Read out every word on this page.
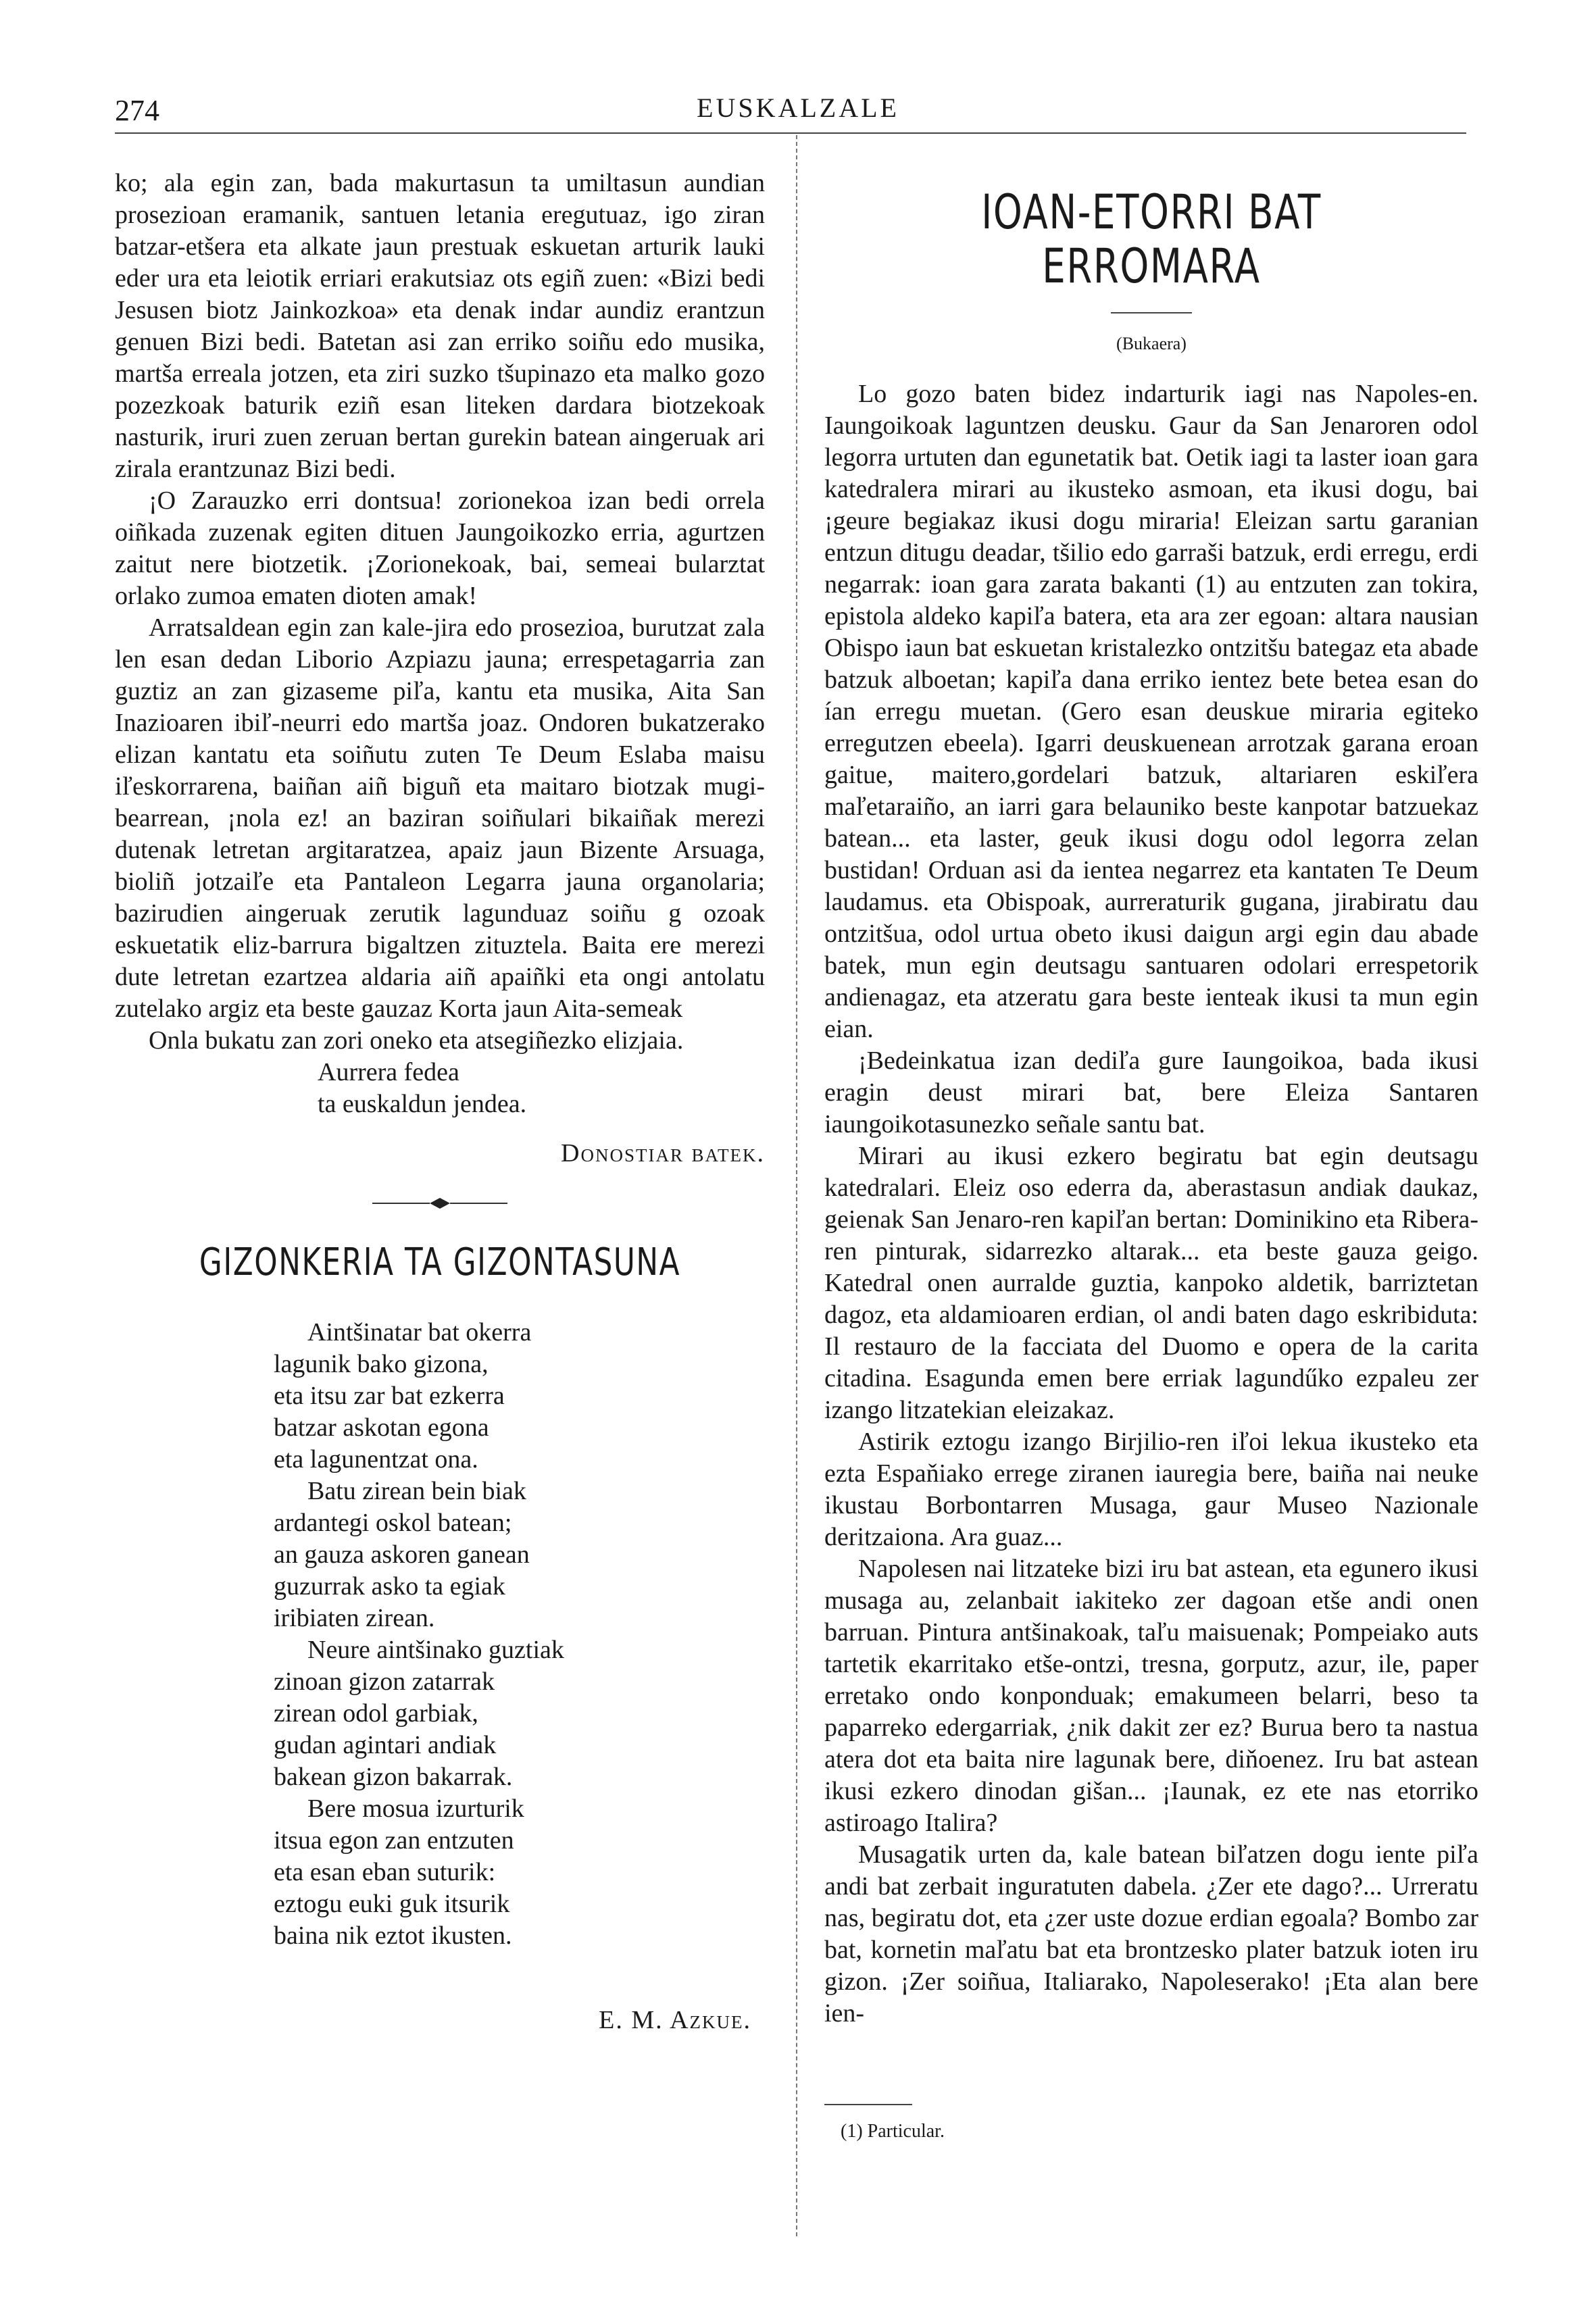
274	EUSKALZALE

ko; ala egin zan, bada makurtasun ta umiltasun aundian prosezioan eramanik, santuen letania eregutuaz, igo ziran batzar-etšera eta alkate jaun prestuak eskuetan arturik lauki eder ura eta leiotik erriari erakutsiaz ots egiñ zuen: «Bizi bedi Jesusen biotz Jainkozkoa» eta denak indar aundiz erantzun genuen Bizi bedi. Batetan asi zan erriko soiñu edo musika, martša erreala jotzen, eta ziri suzko tšupinazo eta malko gozo pozezkoak baturik eziñ esan liteken dardara biotzekoak nasturik, iruri zuen zeruan bertan gurekin batean aingeruak ari zirala erantzunaz Bizi bedi.

¡O Zarauzko erri dontsua! zorionekoa izan bedi orrela oiñkada zuzenak egiten dituen Jaungoikozko erria, agurtzen zaitut nere biotzetik. ¡Zorionekoak, bai, semeai bularztat orlako zumoa ematen dioten amak!

Arratsaldean egin zan kale-jira edo prosezioa, burutzat zala len esan dedan Liborio Azpiazu jauna; errespetagarria zan guztiz an zan gizaseme piľa, kantu eta musika, Aita San Inazioaren ibiľ-neurri edo martša joaz. Ondoren bukatzerako elizan kantatu eta soiñutu zuten Te Deum Eslaba maisu iľeskorrarena, baiñan aiñ biguñ eta maitaro biotzak mugi-bearrean, ¡nola ez! an baziran soiñulari bikaiñak merezi dutenak letretan argitaratzea, apaiz jaun Bizente Arsuaga, bioliñ jotzaiľe eta Pantaleon Legarra jauna organolaria; bazirudien aingeruak zerutik lagunduaz soiñu g ozoak eskuetatik eliz-barrura bigaltzen zituztela. Baita ere merezi dute letretan ezartzea aldaria aiñ apaiñki eta ongi antolatu zutelako argiz eta beste gauzaz Korta jaun Aita-semeak

Onla bukatu zan zori oneko eta atsegiñezko elizjaia.

Aurrera fedea

ta euskaldun jendea.

Donostiar batek.
GIZONKERIA TA GIZONTASUNA

Aintšinatar bat okerra
lagunik bako gizona,
eta itsu zar bat ezkerra
batzar askotan egona
eta lagunentzat ona.

Batu zirean bein biak
ardantegi oskol batean;
an gauza askoren ganean
guzurrak asko ta egiak
iribiaten zirean.

Neure aintšinako guztiak
zinoan gizon zatarrak
zirean odol garbiak,
gudan agintari andiak
bakean gizon bakarrak.

Bere mosua izurturik
itsua egon zan entzuten
eta esan eban suturik:
eztogu euki guk itsurik
baina nik eztot ikusten.

E. M. Azkue.
IOAN-ETORRI BAT ERROMARA
(Bukaera)

Lo gozo baten bidez indarturik iagi nas Napoles-en. Iaungoikoak laguntzen deusku. Gaur da San Jenaroren odol legorra urtuten dan egunetatik bat. Oetik iagi ta laster ioan gara katedralera mirari au ikusteko asmoan, eta ikusi dogu, bai ¡geure begiakaz ikusi dogu miraria! Eleizan sartu garanian entzun ditugu deadar, tšilio edo garraši batzuk, erdi erregu, erdi negarrak: ioan gara zarata bakanti (1) au entzuten zan tokira, epistola aldeko kapiľa batera, eta ara zer egoan: altara nausian Obispo iaun bat eskuetan kristalezko ontzitšu bategaz eta abade batzuk alboetan; kapiľa dana erriko ientez bete betea esan do ían erregu muetan. (Gero esan deuskue miraria egiteko erregutzen ebeela). Igarri deuskuenean arrotzak garana eroan gaitue, maitero,gordelari batzuk, altariaren eskiľera maľetaraiño, an iarri gara belauniko beste kanpotar batzuekaz batean... eta laster, geuk ikusi dogu odol legorra zelan bustidan! Orduan asi da ientea negarrez eta kantaten Te Deum laudamus. eta Obispoak, aurreraturik gugana, jirabiratu dau ontzitšua, odol urtua obeto ikusi daigun argi egin dau abade batek, mun egin deutsagu santuaren odolari errespetorik andienagaz, eta atzeratu gara beste ienteak ikusi ta mun egin eian.

¡Bedeinkatua izan dediľa gure Iaungoikoa, bada ikusi eragin deust mirari bat, bere Eleiza Santaren iaungoikotasunezko señale santu bat.

Mirari au ikusi ezkero begiratu bat egin deutsagu katedralari. Eleiz oso ederra da, aberastasun andiak daukaz, geienak San Jenaro-ren kapiľan bertan: Dominikino eta Ribera-ren pinturak, sidarrezko altarak... eta beste gauza geigo. Katedral onen aurralde guztia, kanpoko aldetik, barriztetan dagoz, eta aldamioaren erdian, ol andi baten dago eskribiduta: Il restauro de la facciata del Duomo e opera de la carita citadina. Esagunda emen bere erriak lagundűko ezpaleu zer izango litzatekian eleizakaz.

Astirik eztogu izango Birjilio-ren iľoi lekua ikusteko eta ezta Espaňiako errege ziranen iauregia bere, baiña nai neuke ikustau Borbontarren Musaga, gaur Museo Nazionale deritzaiona. Ara guaz...

Napolesen nai litzateke bizi iru bat astean, eta egunero ikusi musaga au, zelanbait iakiteko zer dagoan etše andi onen barruan. Pintura antšinakoak, taľu maisuenak; Pompeiako auts tartetik ekarritako etše-ontzi, tresna, gorputz, azur, ile, paper erretako ondo konponduak; emakumeen belarri, beso ta paparreko edergarriak, ¿nik dakit zer ez? Burua bero ta nastua atera dot eta baita nire lagunak bere, diňoenez. Iru bat astean ikusi ezkero dinodan gišan... ¡Iaunak, ez ete nas etorriko astiroago Italira?

Musagatik urten da, kale batean biľatzen dogu iente piľa andi bat zerbait inguratuten dabela. ¿Zer ete dago?... Urreratu nas, begiratu dot, eta ¿zer uste dozue erdian egoala? Bombo zar bat, kornetin maľatu bat eta brontzesko plater batzuk ioten iru gizon. ¡Zer soiñua, Italiarako, Napoleserako! ¡Eta alan bere ien-

(1) Particular.
